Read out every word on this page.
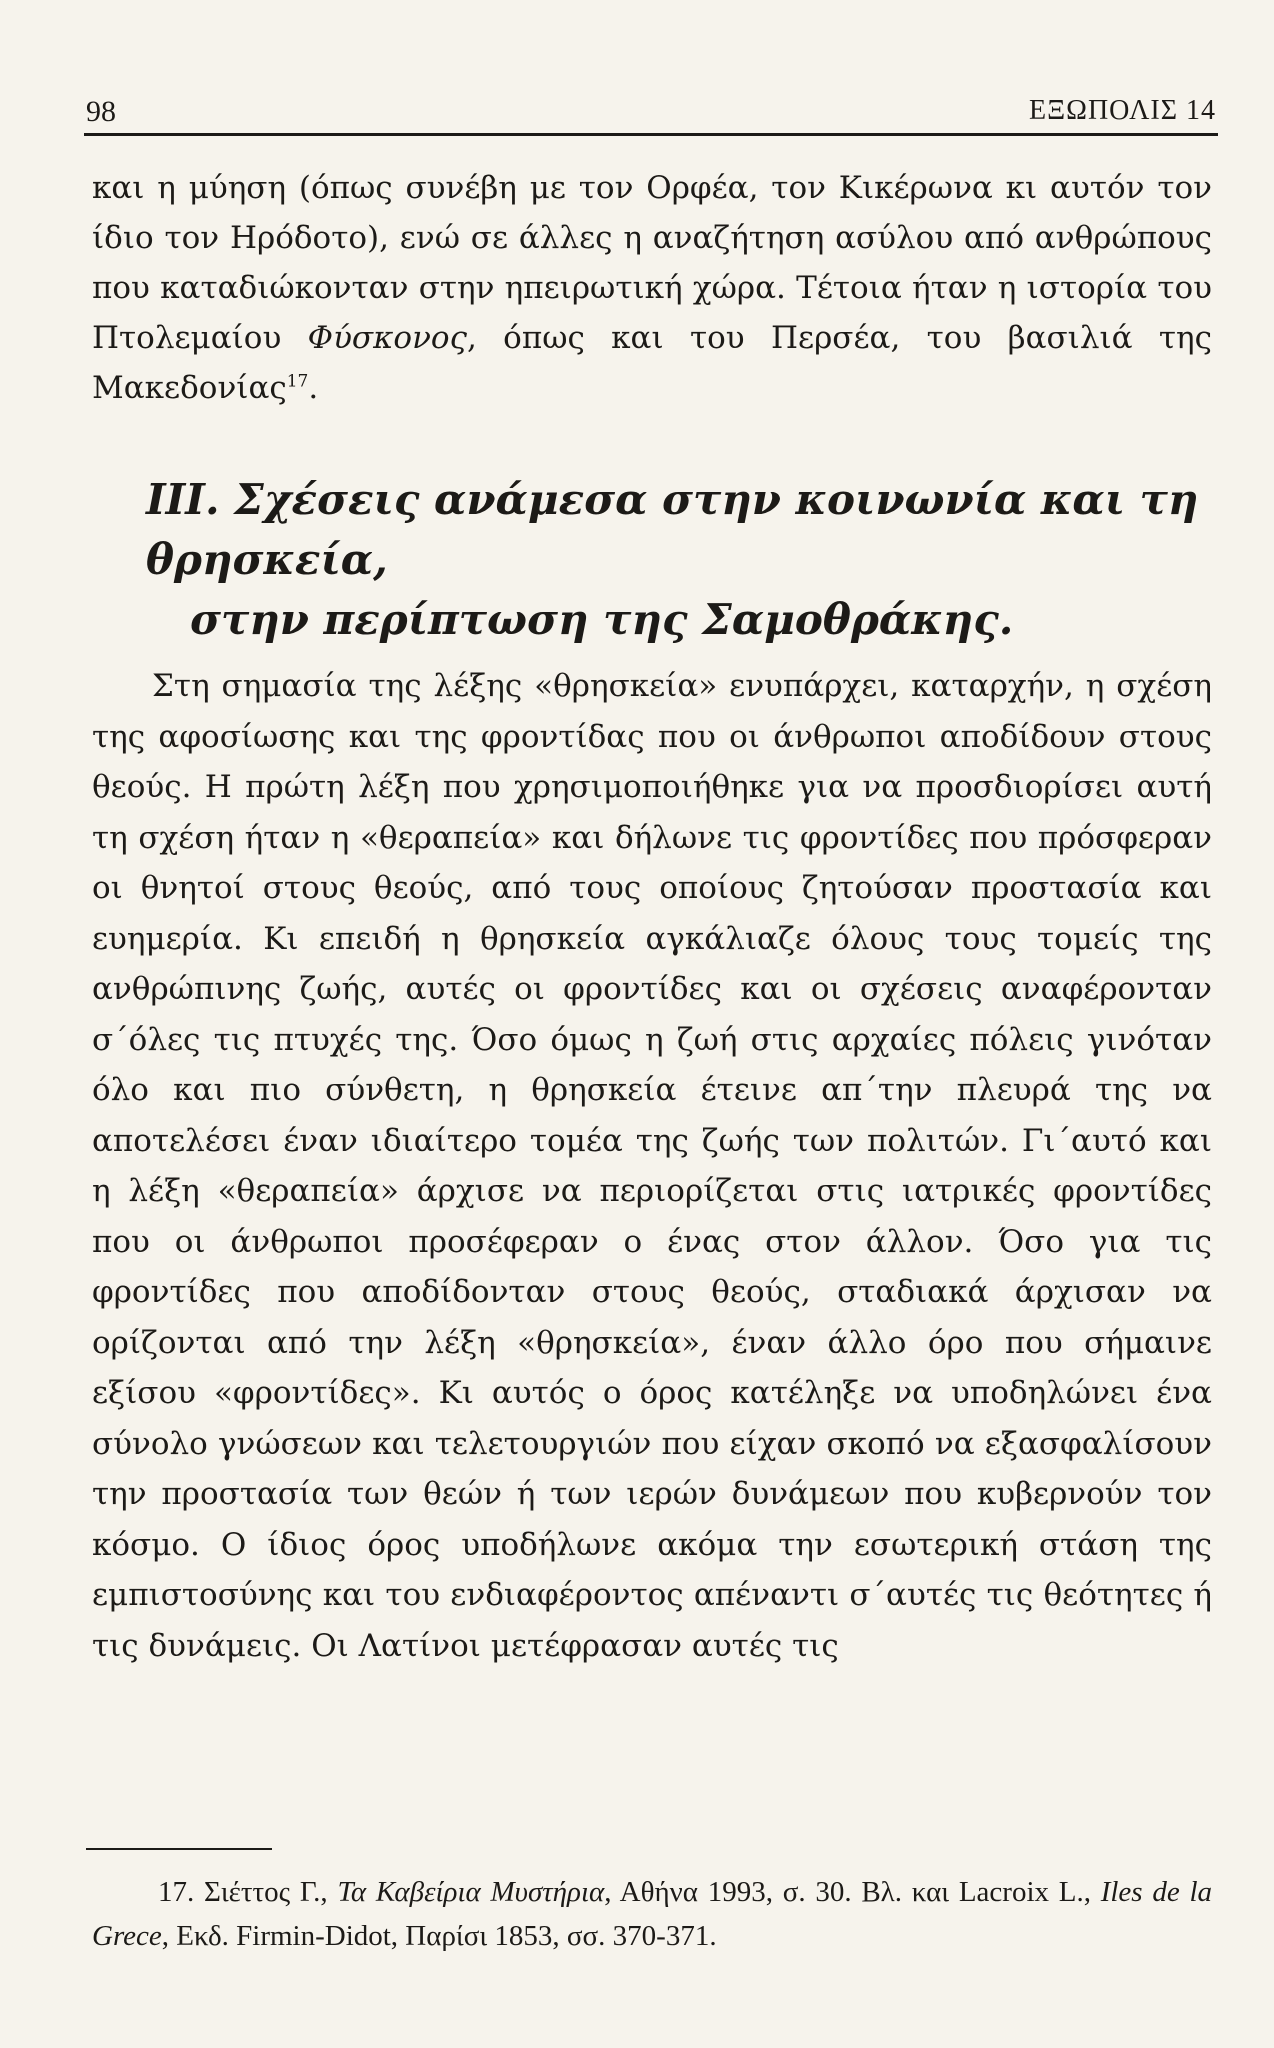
98	ΕΞΩΠΟΛΙΣ 14

και η μύηση (όπως συνέβη με τον Ορφέα, τον Κικέρωνα κι αυτόν τον ίδιο τον Ηρόδοτο), ενώ σε άλλες η αναζήτηση ασύλου από ανθρώπους που καταδιώκονταν στην ηπειρωτική χώρα. Τέτοια ήταν η ιστορία του Πτολεμαίου Φύσκονος, όπως και του Περσέα, του βασιλιά της Μακεδονίας$^{17}$.

III. Σχέσεις ανάμεσα στην κοινωνία και τη θρησκεία,
στην περίπτωση της Σαμοθράκης.

Στη σημασία της λέξης «θρησκεία» ενυπάρχει, καταρχήν, η σχέση της αφοσίωσης και της φροντίδας που οι άνθρωποι αποδίδουν στους θεούς. Η πρώτη λέξη που χρησιμοποιήθηκε για να προσδιορίσει αυτή τη σχέση ήταν η «θεραπεία» και δήλωνε τις φροντίδες που πρόσφεραν οι θνητοί στους θεούς, από τους οποίους ζητούσαν προστασία και ευημερία. Κι επειδή η θρησκεία αγκάλιαζε όλους τους τομείς της ανθρώπινης ζωής, αυτές οι φροντίδες και οι σχέσεις αναφέρονταν σ΄όλες τις πτυχές της. Όσο όμως η ζωή στις αρχαίες πόλεις γινόταν όλο και πιο σύνθετη, η θρησκεία έτεινε απ΄την πλευρά της να αποτελέσει έναν ιδιαίτερο τομέα της ζωής των πολιτών. Γι΄αυτό και η λέξη «θεραπεία» άρχισε να περιορίζεται στις ιατρικές φροντίδες που οι άνθρωποι προσέφεραν ο ένας στον άλλον. Όσο για τις φροντίδες που αποδίδονταν στους θεούς, σταδιακά άρχισαν να ορίζονται από την λέξη «θρησκεία», έναν άλλο όρο που σήμαινε εξίσου «φροντίδες». Κι αυτός ο όρος κατέληξε να υποδηλώνει ένα σύνολο γνώσεων και τελετουργιών που είχαν σκοπό να εξασφαλίσουν την προστασία των θεών ή των ιερών δυνάμεων που κυβερνούν τον κόσμο. Ο ίδιος όρος υποδήλωνε ακόμα την εσωτερική στάση της εμπιστοσύνης και του ενδιαφέροντος απέναντι σ΄αυτές τις θεότητες ή τις δυνάμεις. Οι Λατίνοι μετέφρασαν αυτές τις

17. Σιέττος Γ., Τα Καβείρια Μυστήρια, Αθήνα 1993, σ. 30. Βλ. και Lacroix L., Iles de la Grece, Εκδ. Firmin-Didot, Παρίσι 1853, σσ. 370-371.
